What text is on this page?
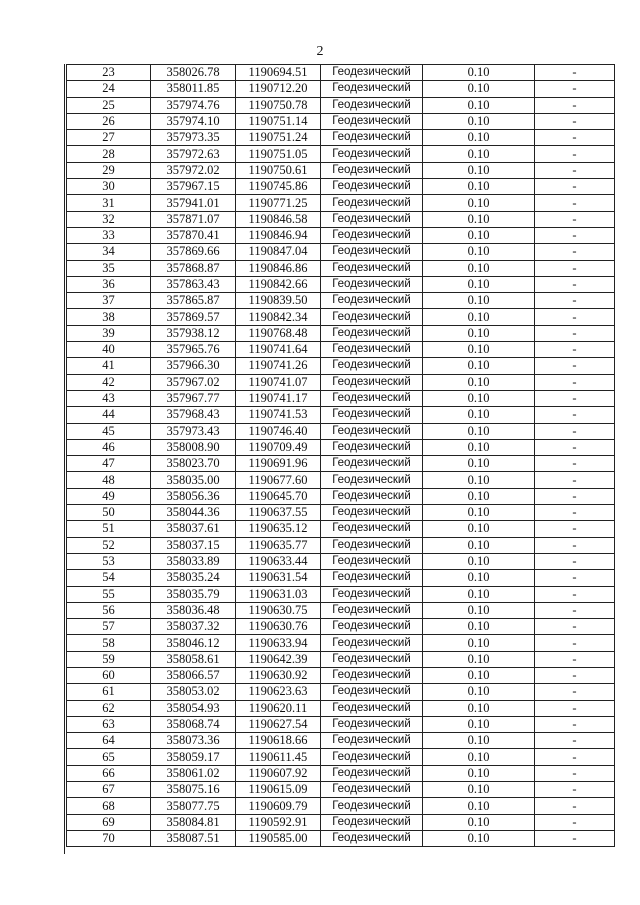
2
23	358026.78	1190694.51	Геодезический	0.10	-
24	358011.85	1190712.20	Геодезический	0.10	-
25	357974.76	1190750.78	Геодезический	0.10	-
26	357974.10	1190751.14	Геодезический	0.10	-
27	357973.35	1190751.24	Геодезический	0.10	-
28	357972.63	1190751.05	Геодезический	0.10	-
29	357972.02	1190750.61	Геодезический	0.10	-
30	357967.15	1190745.86	Геодезический	0.10	-
31	357941.01	1190771.25	Геодезический	0.10	-
32	357871.07	1190846.58	Геодезический	0.10	-
33	357870.41	1190846.94	Геодезический	0.10	-
34	357869.66	1190847.04	Геодезический	0.10	-
35	357868.87	1190846.86	Геодезический	0.10	-
36	357863.43	1190842.66	Геодезический	0.10	-
37	357865.87	1190839.50	Геодезический	0.10	-
38	357869.57	1190842.34	Геодезический	0.10	-
39	357938.12	1190768.48	Геодезический	0.10	-
40	357965.76	1190741.64	Геодезический	0.10	-
41	357966.30	1190741.26	Геодезический	0.10	-
42	357967.02	1190741.07	Геодезический	0.10	-
43	357967.77	1190741.17	Геодезический	0.10	-
44	357968.43	1190741.53	Геодезический	0.10	-
45	357973.43	1190746.40	Геодезический	0.10	-
46	358008.90	1190709.49	Геодезический	0.10	-
47	358023.70	1190691.96	Геодезический	0.10	-
48	358035.00	1190677.60	Геодезический	0.10	-
49	358056.36	1190645.70	Геодезический	0.10	-
50	358044.36	1190637.55	Геодезический	0.10	-
51	358037.61	1190635.12	Геодезический	0.10	-
52	358037.15	1190635.77	Геодезический	0.10	-
53	358033.89	1190633.44	Геодезический	0.10	-
54	358035.24	1190631.54	Геодезический	0.10	-
55	358035.79	1190631.03	Геодезический	0.10	-
56	358036.48	1190630.75	Геодезический	0.10	-
57	358037.32	1190630.76	Геодезический	0.10	-
58	358046.12	1190633.94	Геодезический	0.10	-
59	358058.61	1190642.39	Геодезический	0.10	-
60	358066.57	1190630.92	Геодезический	0.10	-
61	358053.02	1190623.63	Геодезический	0.10	-
62	358054.93	1190620.11	Геодезический	0.10	-
63	358068.74	1190627.54	Геодезический	0.10	-
64	358073.36	1190618.66	Геодезический	0.10	-
65	358059.17	1190611.45	Геодезический	0.10	-
66	358061.02	1190607.92	Геодезический	0.10	-
67	358075.16	1190615.09	Геодезический	0.10	-
68	358077.75	1190609.79	Геодезический	0.10	-
69	358084.81	1190592.91	Геодезический	0.10	-
70	358087.51	1190585.00	Геодезический	0.10	-
